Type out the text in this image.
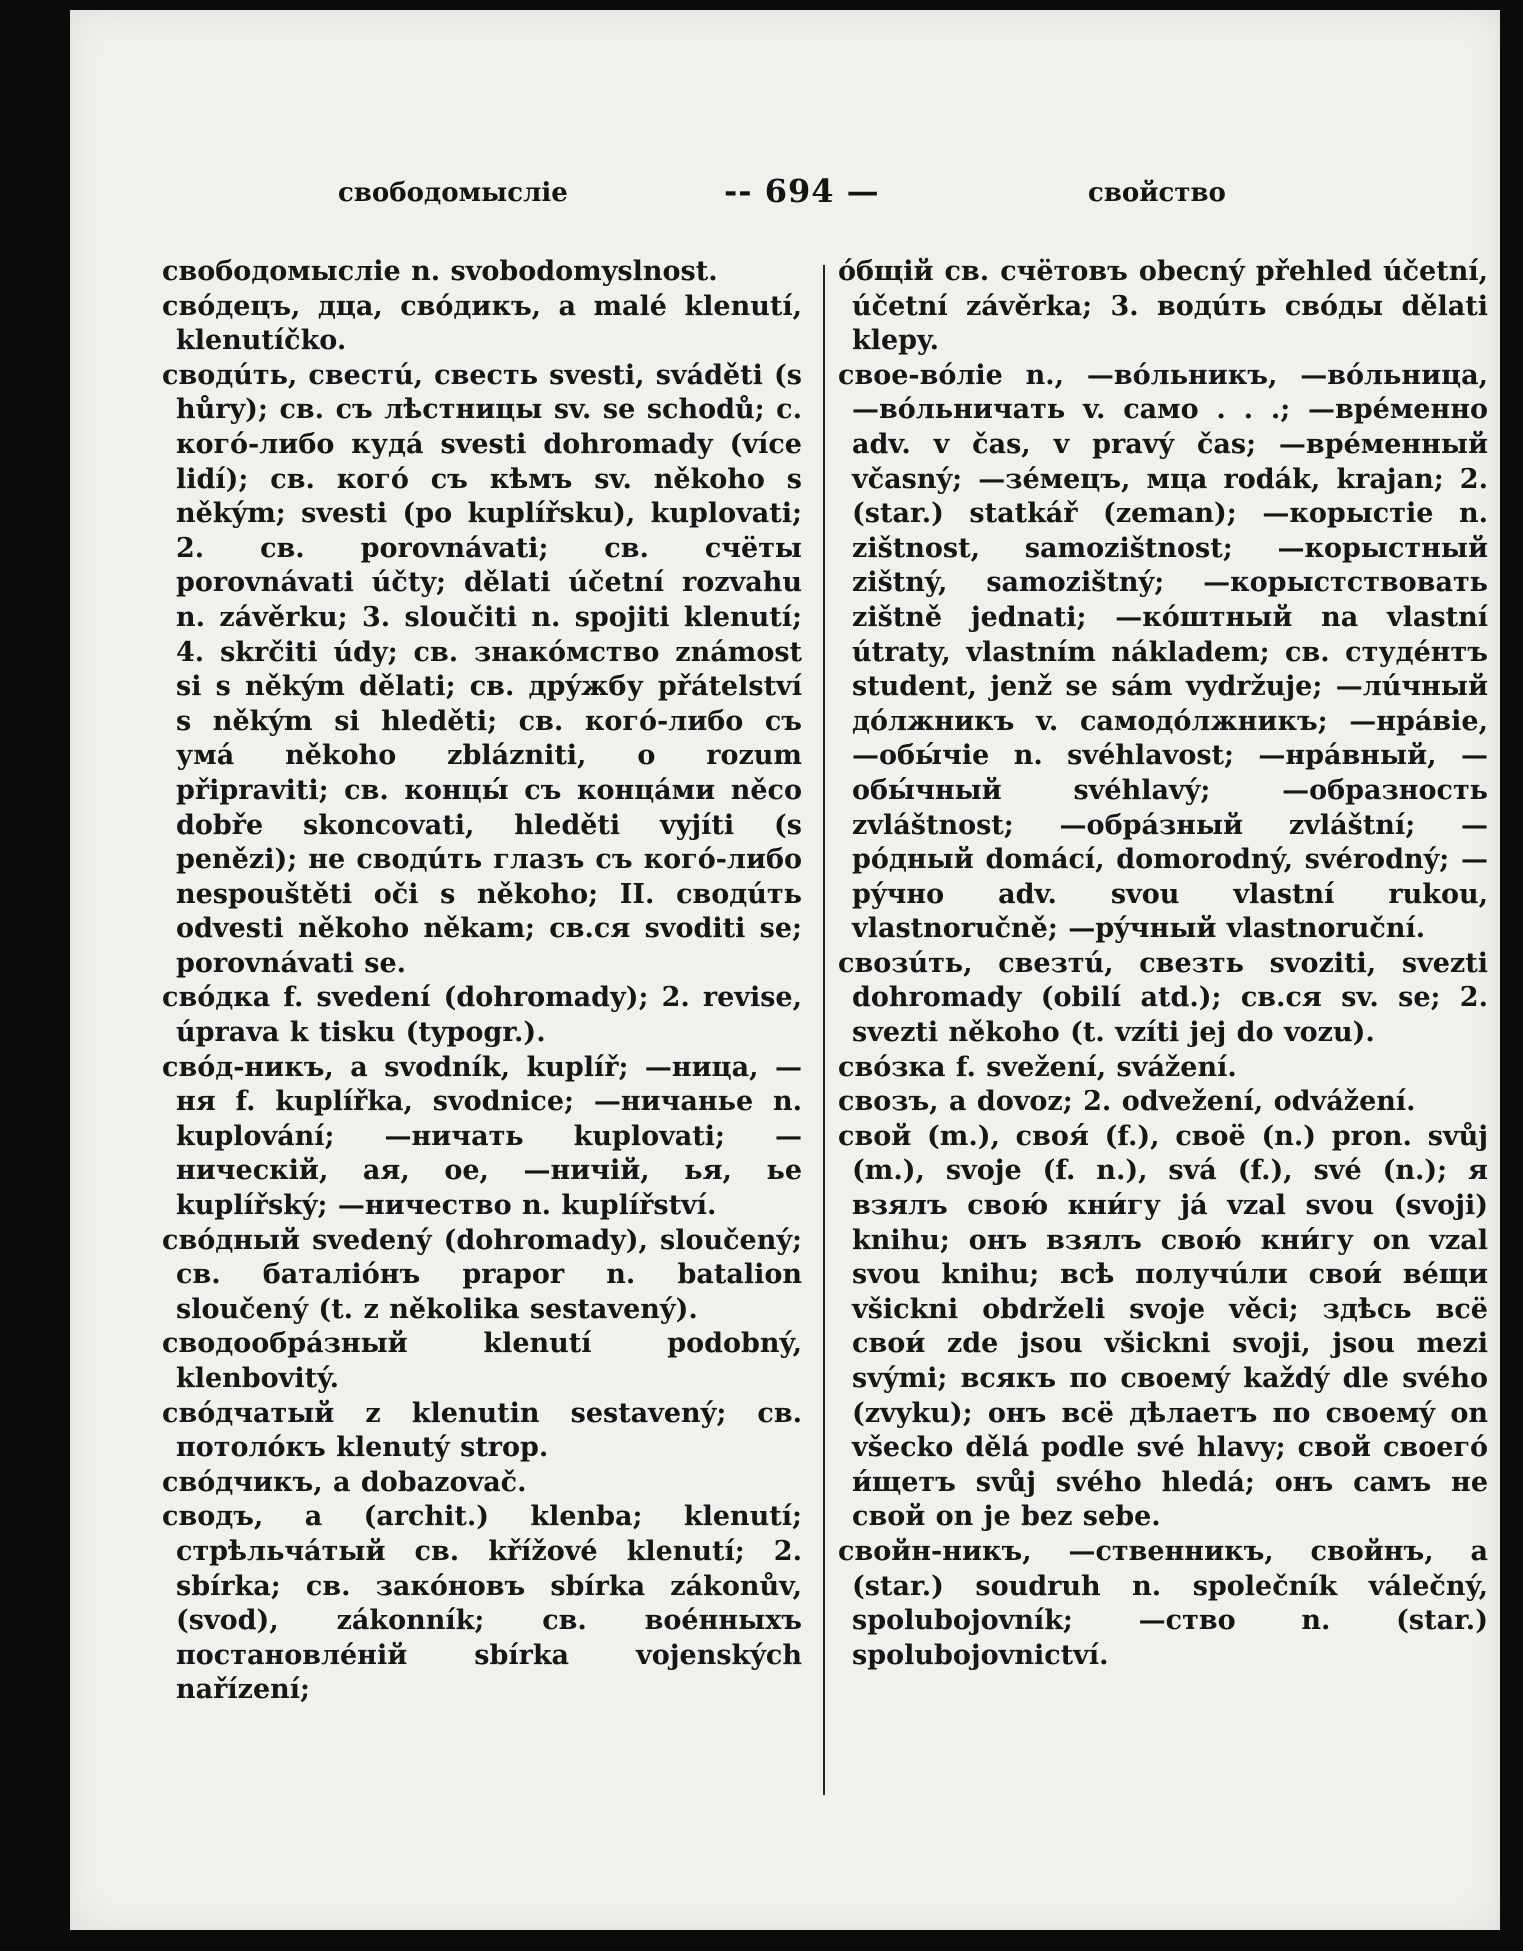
свободомысліе	-- 694 —	свойство

свободомысліе n. svobodomyslnost.

свóдецъ, дца, свóдикъ, a malé klenutí, klenutíčko.

сводúть, свестú, свесть svesti, sváděti (s hůry); св. съ лѣстницы sv. se schodů; c. когó-либо кудá svesti dohromady (více lidí); св. когó съ кѣмъ sv. někoho s někým; svesti (po kuplířsku), kuplovati; 2. св. porovnávati; св. счёты porovnávati účty; dělati účetní rozvahu n. závěrku; 3. sloučiti n. spojiti klenutí; 4. skrčiti údy; св. знакóмство známost si s někým dělati; св. дрýжбу přátelství s někým si hleděti; св. когó-либо съ умá někoho zblázniti, o rozum připraviti; св. концы́ съ концáми něco dobře skoncovati, hleděti vyjíti (s penězi); не сводúть глазъ съ когó-либо nespouštěti oči s někoho; II. сводúть odvesti někoho někam; св.ся svoditi se; porovnávati se.

свóдка f. svedení (dohromady); 2. revise, úprava k tisku (typogr.).

свóд-никъ, a svodník, kuplíř; —ница, —ня f. kuplířka, svodnice; —ничанье n. kuplování; —ничать kuplovati; —ническій, ая, ое, —ничій, ья, ье kuplířský; —ничество n. kuplířství.

свóдный svedený (dohromady), sloučený; св. баталіóнъ prapor n. batalion sloučený (t. z několika sestavený).

сводообрáзный klenutí podobný, klenbovitý.

свóдчатый z klenutin sestavený; св. потолóкъ klenutý strop.

свóдчикъ, a dobazovač.

сводъ, a (archit.) klenba; klenutí; стрѣльчáтый св. křížové klenutí; 2. sbírka; св. закóновъ sbírka zákonův, (svod), zákonník; св. воéнныхъ постановлéній sbírka vojenských nařízení;

óбщій св. счётовъ obecný přehled účetní, účetní závěrka; 3. водúть свóды dělati klepy.

свое-вóліе n., —вóльникъ, —вóльница, —вóльничать v. само . . .; —врéменно adv. v čas, v pravý čas; —врéменный včasný; —зéмецъ, мца rodák, krajan; 2. (star.) statkář (zeman); —корыстіе n. zištnost, samozištnost; —корыстный zištný, samozištný; —корыстствовать zištně jednati; —кóштный na vlastní útraty, vlastním nákladem; св. студéнтъ student, jenž se sám vydržuje; —лúчный дóлжникъ v. самодóлжникъ; —нрáвіе, —обы́чіе n. svéhlavost; —нрáвный, —обы́чный svéhlavý; —образность zvláštnost; —обрáзный zvláštní; —рóдный domácí, domorodný, svérodný; —рýчно adv. svou vlastní rukou, vlastnoručně; —рýчный vlastnoruční.

свозúть, свезтú, свезть svoziti, svezti dohromady (obilí atd.); св.ся sv. se; 2. svezti někoho (t. vzíti jej do vozu).

свóзка f. svežení, svážení.

свозъ, a dovoz; 2. odvežení, odvážení.

свой (m.), своя́ (f.), своё (n.) pron. svůj (m.), svoje (f. n.), svá (f.), své (n.); я взялъ свою́ кни́гу já vzal svou (svoji) knihu; онъ взялъ свою́ кни́гу on vzal svou knihu; всѣ получúли свои́ вéщи všickni obdrželi svoje věci; здѣсь всё свои́ zde jsou všickni svoji, jsou mezi svými; всякъ по своемý každý dle svého (zvyku); онъ всё дѣлаетъ по своемý on všecko dělá podle své hlavy; свой своегó и́щетъ svůj svého hledá; онъ самъ не свой on je bez sebe.

свойн-никъ, —ственникъ, свойнъ, a (star.) soudruh n. společník válečný, spolubojovník; —ство n. (star.) spolubojovnictví.
